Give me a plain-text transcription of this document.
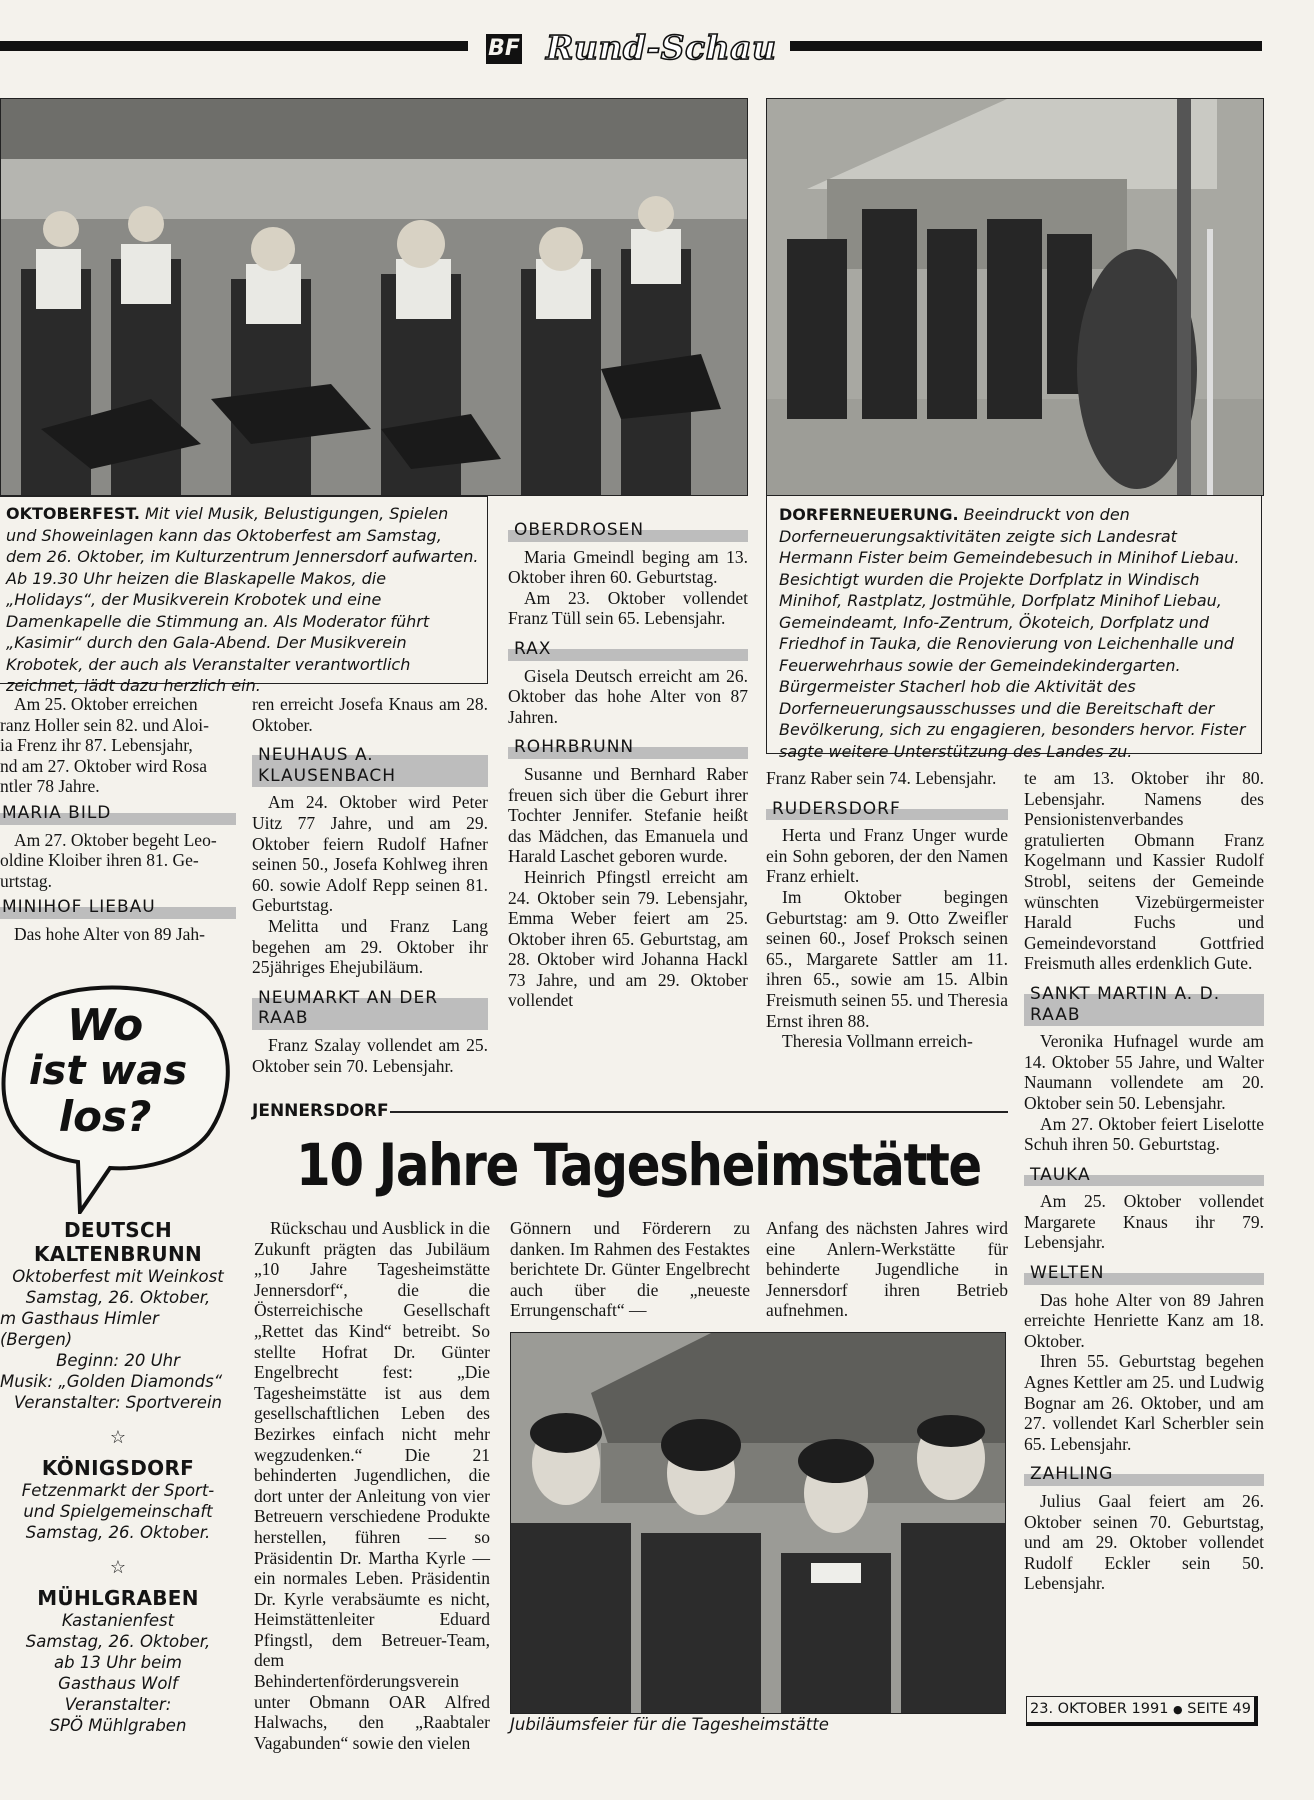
BF Rund-Schau
OKTOBERFEST. Mit viel Musik, Belustigungen, Spielen und Showeinlagen kann das Oktoberfest am Samstag, dem 26. Oktober, im Kulturzentrum Jennersdorf aufwarten. Ab 19.30 Uhr heizen die Blaskapelle Makos, die „Holidays“, der Musikverein Krobotek und eine Damenkapelle die Stimmung an. Als Moderator führt „Kasimir“ durch den Gala-Abend. Der Musikverein Krobotek, der auch als Veranstalter verantwortlich zeichnet, lädt dazu herzlich ein.
DORFERNEUERUNG. Beeindruckt von den Dorferneuerungsaktivitäten zeigte sich Landesrat Hermann Fister beim Gemeindebesuch in Minihof Liebau. Besichtigt wurden die Projekte Dorfplatz in Windisch Minihof, Rastplatz, Jostmühle, Dorfplatz Minihof Liebau, Gemeindeamt, Info-Zentrum, Ökoteich, Dorfplatz und Friedhof in Tauka, die Renovierung von Leichenhalle und Feuerwehrhaus sowie der Gemeindekindergarten. Bürgermeister Stacherl hob die Aktivität des Dorferneuerungsausschusses und die Bereitschaft der Bevölkerung, sich zu engagieren, besonders hervor. Fister sagte weitere Unterstützung des Landes zu.

Am 25. Oktober erreichen

ranz Holler sein 82. und Aloi-

ia Frenz ihr 87. Lebensjahr,

nd am 27. Oktober wird Rosa

ntler 78 Jahre.

MARIA BILD

Am 27. Oktober begeht Leo-

oldine Kloiber ihren 81. Ge-

urtstag.

MINIHOF LIEBAU

Das hohe Alter von 89 Jah-

ren erreicht Josefa Knaus am 28. Oktober.

NEUHAUS A. KLAUSENBACH

Am 24. Oktober wird Peter Uitz 77 Jahre, und am 29. Oktober feiern Rudolf Hafner seinen 50., Josefa Kohlweg ihren 60. sowie Adolf Repp seinen 81. Geburtstag.

Melitta und Franz Lang begehen am 29. Oktober ihr 25jähriges Ehejubiläum.

NEUMARKT AN DER RAAB

Franz Szalay vollendet am 25. Oktober sein 70. Lebensjahr.

OBERDROSEN

Maria Gmeindl beging am 13. Oktober ihren 60. Geburtstag.

Am 23. Oktober vollendet Franz Tüll sein 65. Lebensjahr.

RAX

Gisela Deutsch erreicht am 26. Oktober das hohe Alter von 87 Jahren.

ROHRBRUNN

Susanne und Bernhard Raber freuen sich über die Geburt ihrer Tochter Jennifer. Stefanie heißt das Mädchen, das Emanuela und Harald Laschet geboren wurde.

Heinrich Pfingstl erreicht am 24. Oktober sein 79. Lebensjahr, Emma Weber feiert am 25. Oktober ihren 65. Geburtstag, am 28. Oktober wird Johanna Hackl 73 Jahre, und am 29. Oktober vollendet

Franz Raber sein 74. Lebensjahr.

RUDERSDORF

Herta und Franz Unger wurde ein Sohn geboren, der den Namen Franz erhielt.

Im Oktober begingen Geburtstag: am 9. Otto Zweifler seinen 60., Josef Proksch seinen 65., Margarete Sattler am 11. ihren 65., sowie am 15. Albin Freismuth seinen 55. und Theresia Ernst ihren 88.

Theresia Vollmann erreich-

te am 13. Oktober ihr 80. Lebensjahr. Namens des Pensionistenverbandes gratulierten Obmann Franz Kogelmann und Kassier Rudolf Strobl, seitens der Gemeinde wünschten Vizebürgermeister Harald Fuchs und Gemeindevorstand Gottfried Freismuth alles erdenklich Gute.

SANKT MARTIN A. D. RAAB

Veronika Hufnagel wurde am 14. Oktober 55 Jahre, und Walter Naumann vollendete am 20. Oktober sein 50. Lebensjahr.

Am 27. Oktober feiert Liselotte Schuh ihren 50. Geburtstag.

TAUKA

Am 25. Oktober vollendet Margarete Knaus ihr 79. Lebensjahr.

WELTEN

Das hohe Alter von 89 Jahren erreichte Henriette Kanz am 18. Oktober.

Ihren 55. Geburtstag begehen Agnes Kettler am 25. und Ludwig Bognar am 26. Oktober, und am 27. vollendet Karl Scherbler sein 65. Lebensjahr.

ZAHLING

Julius Gaal feiert am 26. Oktober seinen 70. Geburtstag, und am 29. Oktober vollendet Rudolf Eckler sein 50. Lebensjahr.

23. OKTOBER 1991 ● SEITE 49
Wo
ist was
los?
DEUTSCH KALTENBRUNN

Oktoberfest mit Weinkost

Samstag, 26. Oktober,

m Gasthaus Himler (Bergen)

Beginn: 20 Uhr

Musik: „Golden Diamonds“

Veranstalter: Sportverein

☆
KÖNIGSDORF

Fetzenmarkt der Sport-

und Spielgemeinschaft

Samstag, 26. Oktober.

☆
MÜHLGRABEN

Kastanienfest

Samstag, 26. Oktober,

ab 13 Uhr beim

Gasthaus Wolf

Veranstalter:

SPÖ Mühlgraben

JENNERSDORF
10 Jahre Tagesheimstätte
Rückschau und Ausblick in die Zukunft prägten das Jubiläum „10 Jahre Tagesheimstätte Jennersdorf“, die die Österreichische Gesellschaft „Rettet das Kind“ betreibt. So stellte Hofrat Dr. Günter Engelbrecht fest: „Die Tagesheimstätte ist aus dem gesellschaftlichen Leben des Bezirkes einfach nicht mehr wegzudenken.“ Die 21 behinderten Jugendlichen, die dort unter der Anleitung von vier Betreuern verschiedene Produkte herstellen, führen — so Präsidentin Dr. Martha Kyrle — ein normales Leben. Präsidentin Dr. Kyrle verabsäumte es nicht, Heimstättenleiter Eduard Pfingstl, dem Betreuer-Team, dem Behindertenförderungsverein unter Obmann OAR Alfred Halwachs, den „Raabtaler Vagabunden“ sowie den vielen
Gönnern und Förderern zu danken. Im Rahmen des Festaktes berichtete Dr. Günter Engelbrecht auch über die „neueste Errungenschaft“ —
Anfang des nächsten Jahres wird eine Anlern-Werkstätte für behinderte Jugendliche in Jennersdorf ihren Betrieb aufnehmen.
Jubiläumsfeier für die Tagesheimstätte
